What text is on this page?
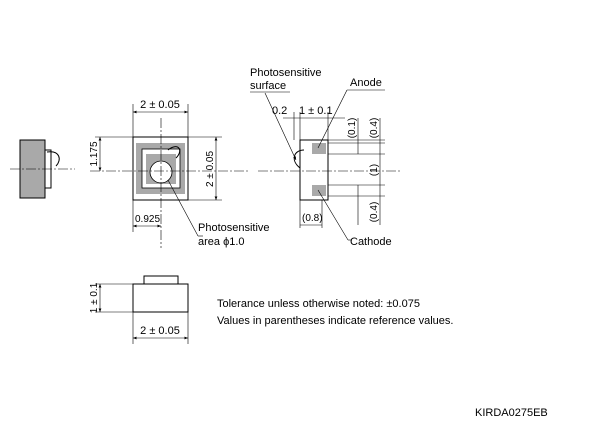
2 ± 0.05
1.175	2 ± 0.05
0.925
Photosensitive
area ϕ1.0
Photosensitive
surface	Anode
0.2 1 ± 0.1
(0.1) (0.4)
(1)
(0.4)
(0.8)
Cathode
1 ± 0.1
2 ± 0.05
Tolerance unless otherwise noted: ±0.075
Values in parentheses indicate reference values.
KIRDA0275EB
